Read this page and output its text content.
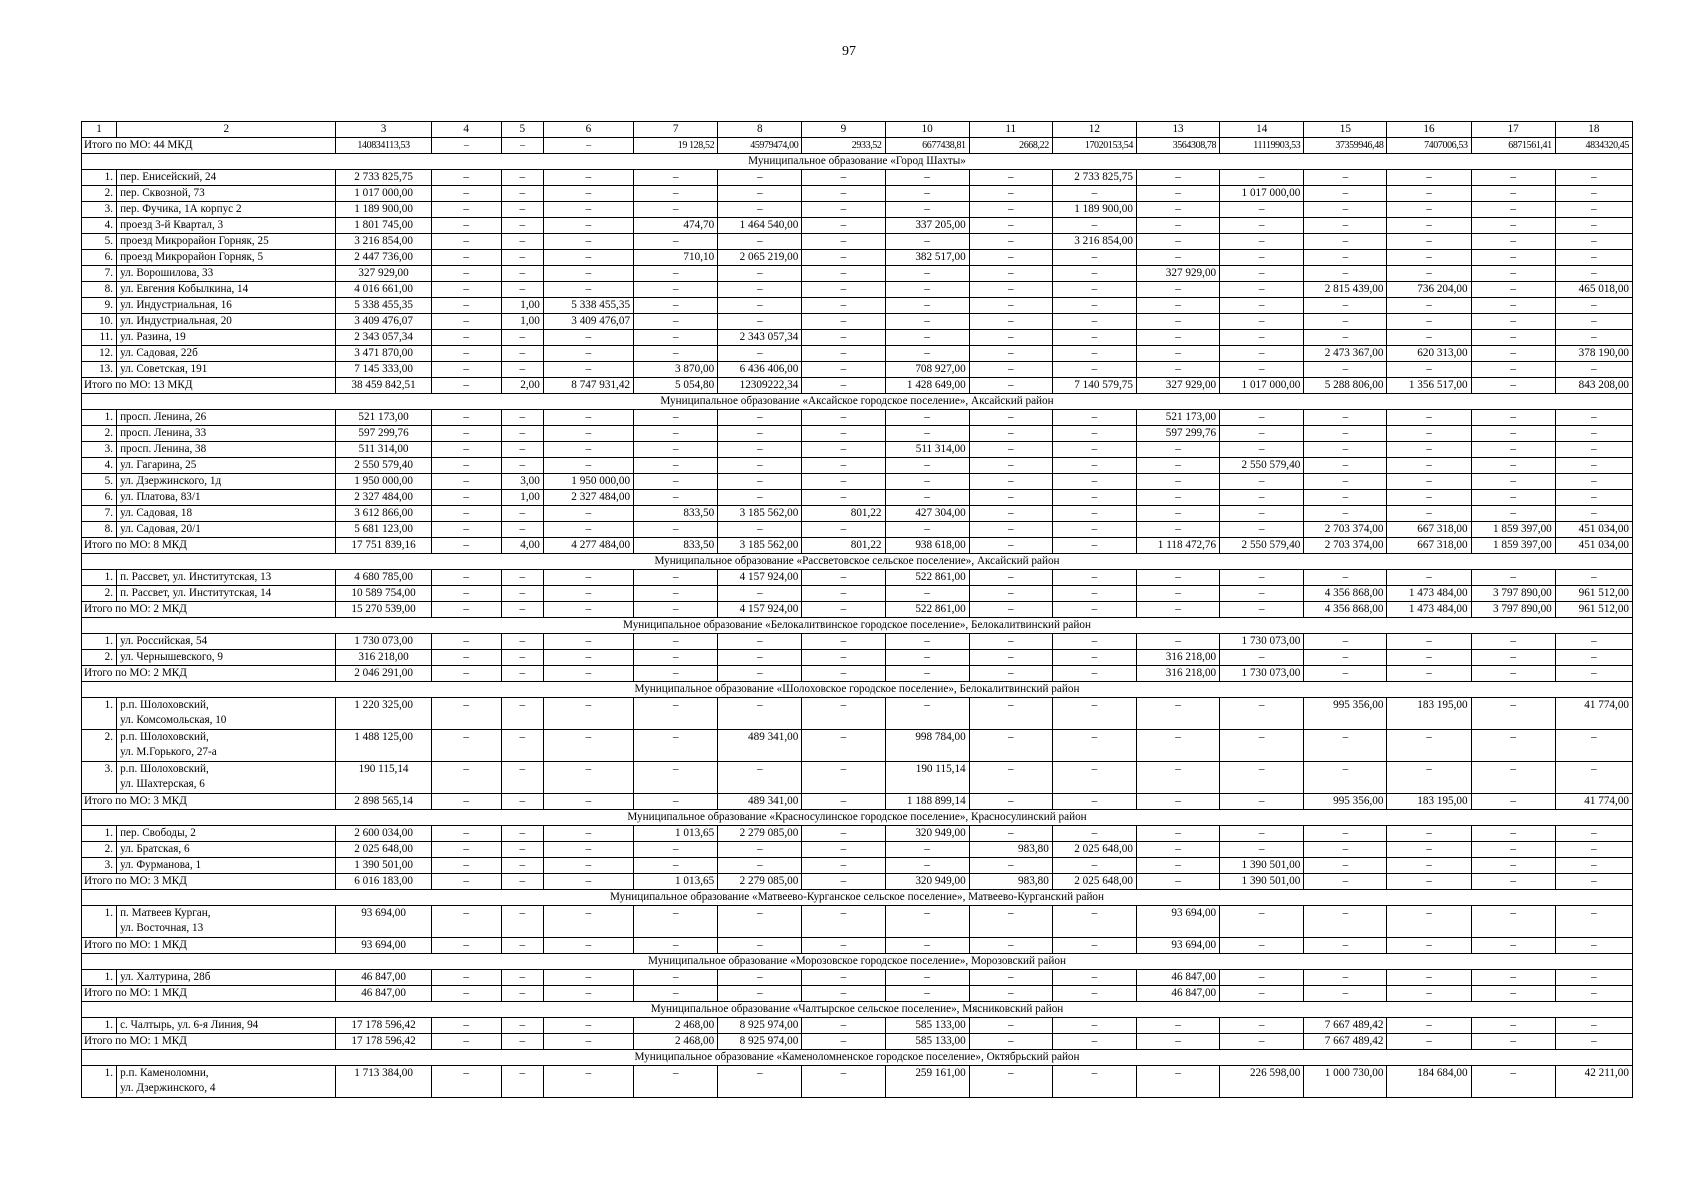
97
1	2	3	4	5	6	7	8	9	10	11	12	13	14	15	16	17	18
Итого по МО: 44 МКД		140834113,53	–	–	–	19 128,52	45979474,00	2933,52	6677438,81	2668,22	17020153,54	3564308,78	11119903,53	37359946,48	7407006,53	6871561,41	4834320,45
Муниципальное образование «Город Шахты»																	
1.	пер. Енисейский, 24	2 733 825,75	–	–	–	–	–	–	–	–	2 733 825,75	–	–	–	–	–	–
2.	пер. Сквозной, 73	1 017 000,00	–	–	–	–	–	–	–	–	–	–	1 017 000,00	–	–	–	–
3.	пер. Фучика, 1А корпус 2	1 189 900,00	–	–	–	–	–	–	–	–	1 189 900,00	–	–	–	–	–	–
4.	проезд 3-й Квартал, 3	1 801 745,00	–	–	–	474,70	1 464 540,00	–	337 205,00	–	–	–	–	–	–	–	–
5.	проезд Микрорайон Горняк, 25	3 216 854,00	–	–	–	–	–	–	–	–	3 216 854,00	–	–	–	–	–	–
6.	проезд Микрорайон Горняк, 5	2 447 736,00	–	–	–	710,10	2 065 219,00	–	382 517,00	–	–	–	–	–	–	–	–
7.	ул. Ворошилова, 33	327 929,00	–	–	–	–	–	–	–	–	–	327 929,00	–	–	–	–	–
8.	ул. Евгения Кобылкина, 14	4 016 661,00	–	–	–	–	–	–	–	–	–	–	–	2 815 439,00	736 204,00	–	465 018,00
9.	ул. Индустриальная, 16	5 338 455,35	–	1,00	5 338 455,35	–	–	–	–	–	–	–	–	–	–	–	–
10.	ул. Индустриальная, 20	3 409 476,07	–	1,00	3 409 476,07	–	–	–	–	–	–	–	–	–	–	–	–
11.	ул. Разина, 19	2 343 057,34	–	–	–	–	2 343 057,34	–	–	–	–	–	–	–	–	–	–
12.	ул. Садовая, 22б	3 471 870,00	–	–	–	–	–	–	–	–	–	–	–	2 473 367,00	620 313,00	–	378 190,00
13.	ул. Советская, 191	7 145 333,00	–	–	–	3 870,00	6 436 406,00	–	708 927,00	–	–	–	–	–	–	–	–
Итого по МО: 13 МКД		38 459 842,51	–	2,00	8 747 931,42	5 054,80	12309222,34	–	1 428 649,00	–	7 140 579,75	327 929,00	1 017 000,00	5 288 806,00	1 356 517,00	–	843 208,00
Муниципальное образование «Аксайское городское поселение», Аксайский район																	
1.	просп. Ленина, 26	521 173,00	–	–	–	–	–	–	–	–	–	521 173,00	–	–	–	–	–
2.	просп. Ленина, 33	597 299,76	–	–	–	–	–	–	–	–	–	597 299,76	–	–	–	–	–
3.	просп. Ленина, 38	511 314,00	–	–	–	–	–	–	511 314,00	–	–	–	–	–	–	–	–
4.	ул. Гагарина, 25	2 550 579,40	–	–	–	–	–	–	–	–	–	–	2 550 579,40	–	–	–	–
5.	ул. Дзержинского, 1д	1 950 000,00	–	3,00	1 950 000,00	–	–	–	–	–	–	–	–	–	–	–	–
6.	ул. Платова, 83/1	2 327 484,00	–	1,00	2 327 484,00	–	–	–	–	–	–	–	–	–	–	–	–
7.	ул. Садовая, 18	3 612 866,00	–	–	–	833,50	3 185 562,00	801,22	427 304,00	–	–	–	–	–	–	–	–
8.	ул. Садовая, 20/1	5 681 123,00	–	–	–	–	–	–	–	–	–	–	–	2 703 374,00	667 318,00	1 859 397,00	451 034,00
Итого по МО: 8 МКД		17 751 839,16	–	4,00	4 277 484,00	833,50	3 185 562,00	801,22	938 618,00	–	–	1 118 472,76	2 550 579,40	2 703 374,00	667 318,00	1 859 397,00	451 034,00
Муниципальное образование «Рассветовское сельское поселение», Аксайский район																	
1.	п. Рассвет, ул. Институтская, 13	4 680 785,00	–	–	–	–	4 157 924,00	–	522 861,00	–	–	–	–	–	–	–	–
2.	п. Рассвет, ул. Институтская, 14	10 589 754,00	–	–	–	–	–	–	–	–	–	–	–	4 356 868,00	1 473 484,00	3 797 890,00	961 512,00
Итого по МО: 2 МКД		15 270 539,00	–	–	–	–	4 157 924,00	–	522 861,00	–	–	–	–	4 356 868,00	1 473 484,00	3 797 890,00	961 512,00
Муниципальное образование «Белокалитвинское городское поселение», Белокалитвинский район																	
1.	ул. Российская, 54	1 730 073,00	–	–	–	–	–	–	–	–	–	–	1 730 073,00	–	–	–	–
2.	ул. Чернышевского, 9	316 218,00	–	–	–	–	–	–	–	–	–	316 218,00	–	–	–	–	–
Итого по МО: 2 МКД		2 046 291,00	–	–	–	–	–	–	–	–	–	316 218,00	1 730 073,00	–	–	–	–
Муниципальное образование «Шолоховское городское поселение», Белокалитвинский район																	
1.	р.п. Шолоховский,
ул. Комсомольская, 10	1 220 325,00	–	–	–	–	–	–	–	–	–	–	–	995 356,00	183 195,00	–	41 774,00
2.	р.п. Шолоховский,
ул. М.Горького, 27-а	1 488 125,00	–	–	–	–	489 341,00	–	998 784,00	–	–	–	–	–	–	–	–
3.	р.п. Шолоховский,
ул. Шахтерская, 6	190 115,14	–	–	–	–	–	–	190 115,14	–	–	–	–	–	–	–	–
Итого по МО: 3 МКД		2 898 565,14	–	–	–	–	489 341,00	–	1 188 899,14	–	–	–	–	995 356,00	183 195,00	–	41 774,00
Муниципальное образование «Красносулинское городское поселение», Красносулинский район																	
1.	пер. Свободы, 2	2 600 034,00	–	–	–	1 013,65	2 279 085,00	–	320 949,00	–	–	–	–	–	–	–	–
2.	ул. Братская, 6	2 025 648,00	–	–	–	–	–	–	–	983,80	2 025 648,00	–	–	–	–	–	–
3.	ул. Фурманова, 1	1 390 501,00	–	–	–	–	–	–	–	–	–	–	1 390 501,00	–	–	–	–
Итого по МО: 3 МКД		6 016 183,00	–	–	–	1 013,65	2 279 085,00	–	320 949,00	983,80	2 025 648,00	–	1 390 501,00	–	–	–	–
Муниципальное образование «Матвеево-Курганское сельское поселение», Матвеево-Курганский район																	
1.	п. Матвеев Курган,
ул. Восточная, 13	93 694,00	–	–	–	–	–	–	–	–	–	93 694,00	–	–	–	–	–
Итого по МО: 1 МКД		93 694,00	–	–	–	–	–	–	–	–	–	93 694,00	–	–	–	–	–
Муниципальное образование «Морозовское городское поселение», Морозовский район																	
1.	ул. Халтурина, 28б	46 847,00	–	–	–	–	–	–	–	–	–	46 847,00	–	–	–	–	–
Итого по МО: 1 МКД		46 847,00	–	–	–	–	–	–	–	–	–	46 847,00	–	–	–	–	–
Муниципальное образование «Чалтырское сельское поселение», Мясниковский район																	
1.	с. Чалтырь, ул. 6-я Линия, 94	17 178 596,42	–	–	–	2 468,00	8 925 974,00	–	585 133,00	–	–	–	–	7 667 489,42	–	–	–
Итого по МО: 1 МКД		17 178 596,42	–	–	–	2 468,00	8 925 974,00	–	585 133,00	–	–	–	–	7 667 489,42	–	–	–
Муниципальное образование «Каменоломненское городское поселение», Октябрьский район																	
1.	р.п. Каменоломни,
ул. Дзержинского, 4	1 713 384,00	–	–	–	–	–	–	259 161,00	–	–	–	226 598,00	1 000 730,00	184 684,00	–	42 211,00
